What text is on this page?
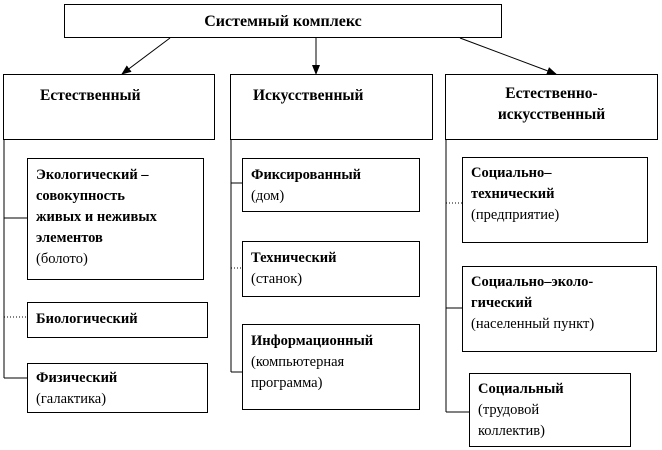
Системный комплекс
Естественный	Искусственный	Естественно-
искусственный
Экологический –
совокупность
живых и неживых
элементов
(болото)
Биологический
Физический
(галактика)
Фиксированный
(дом)
Технический
(станок)
Информационный
(компьютерная
программа)
Социально–
технический
(предприятие)
Социально–эколо-
гический
(населенный пункт)
Социальный
(трудовой
коллектив)
